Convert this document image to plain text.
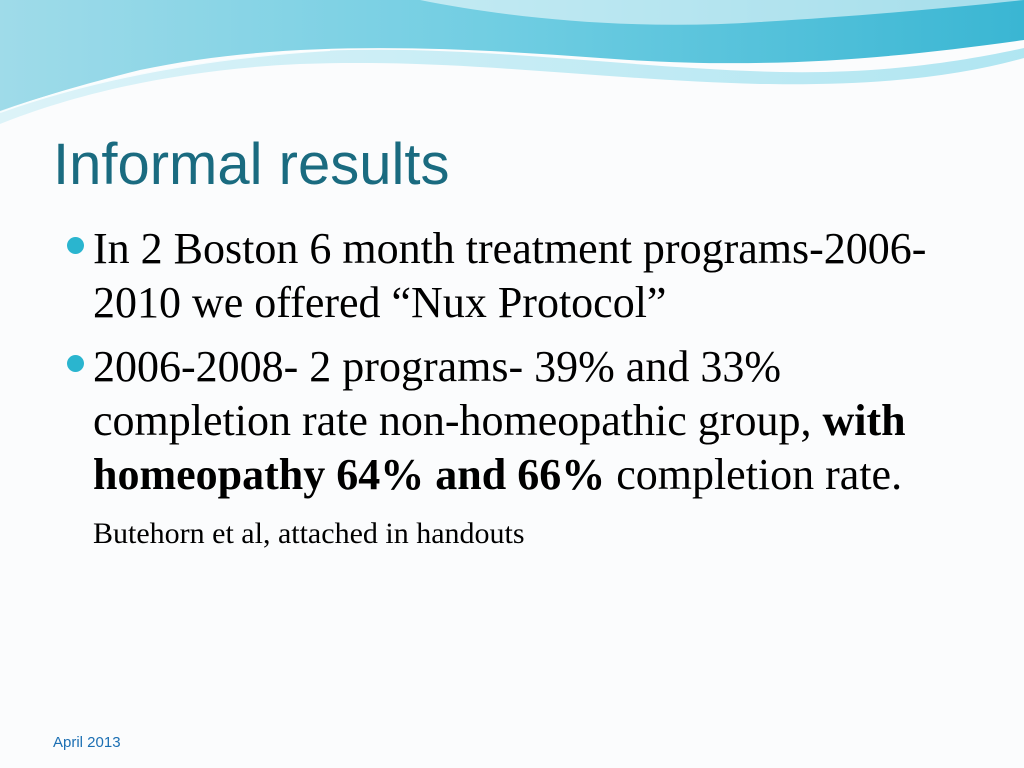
Informal results
In 2 Boston 6 month treatment programs-2006-2010 we offered “Nux Protocol”
2006-2008- 2 programs- 39% and 33% completion rate non-homeopathic group, with homeopathy 64% and 66% completion rate. Butehorn et al, attached in handouts
April 2013
